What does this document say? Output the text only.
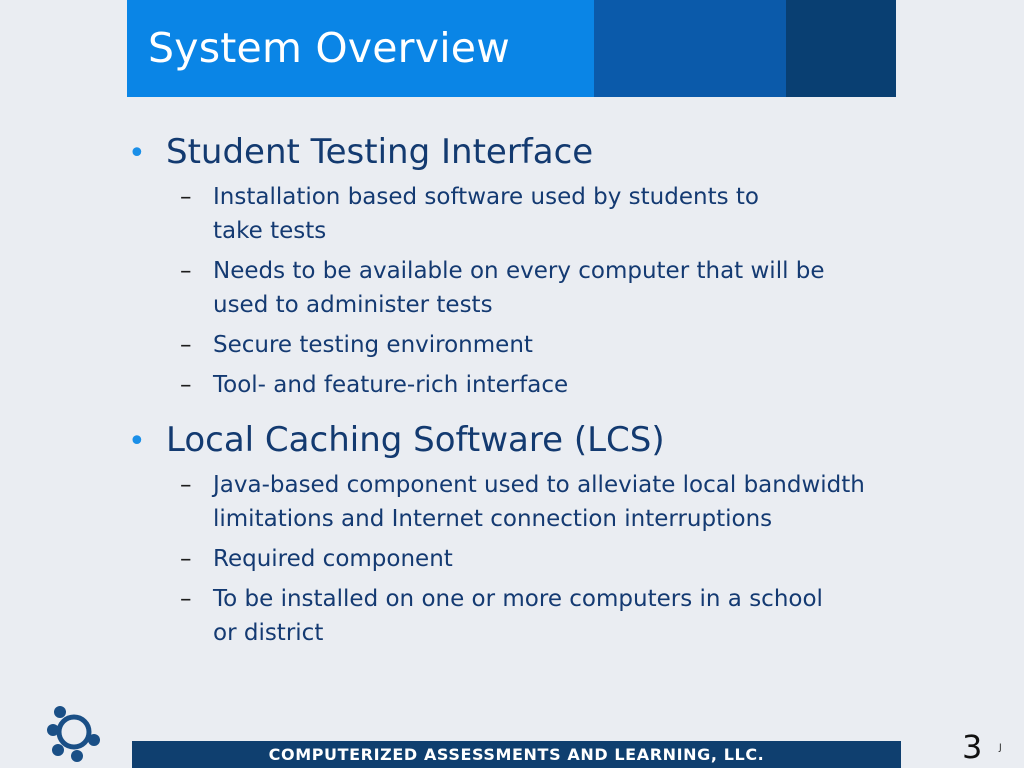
System Overview
• Student Testing Interface
– Installation based software used by students to
take tests
– Needs to be available on every computer that will be
used to administer tests
– Secure testing environment
– Tool- and feature-rich interface
• Local Caching Software (LCS)
– Java-based component used to alleviate local bandwidth
limitations and Internet connection interruptions
– Required component
– To be installed on one or more computers in a school
or district
COMPUTERIZED ASSESSMENTS AND LEARNING, LLC.	3 J
